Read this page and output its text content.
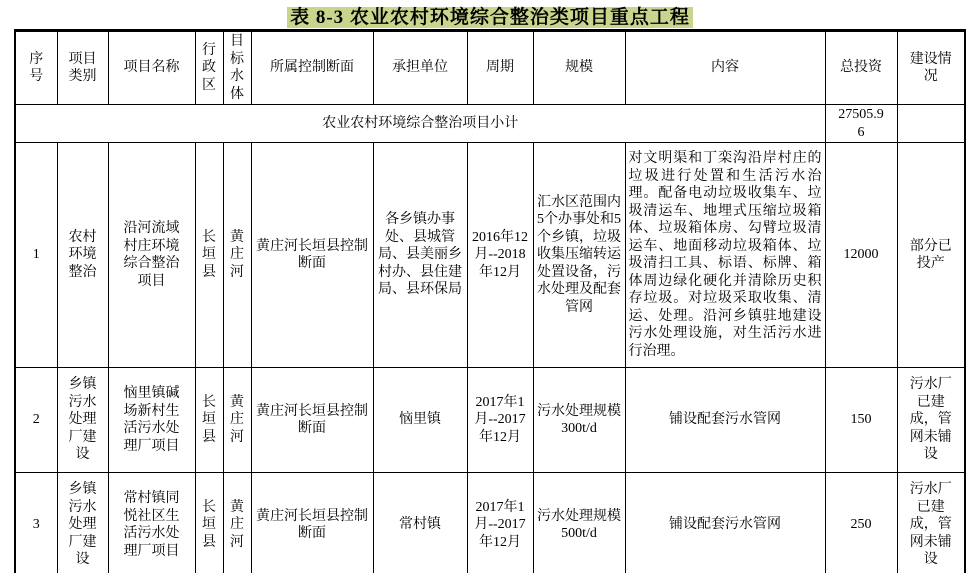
表 8-3 农业农村环境综合整治类项目重点工程
序号	项目类别	项目名称	行政区	目标水体	所属控制断面	承担单位	周期	规模	内容	总投资	建设情况
农业农村环境综合整治项目小计										27505.96	
1	农村环境整治	沿河流域村庄环境综合整治项目	长垣县	黄庄河	黄庄河长垣县控制断面	各乡镇办事处、县城管局、县美丽乡村办、县住建局、县环保局	2016年12月--2018年12月	汇水区范围内5个办事处和5个乡镇，垃圾收集压缩转运处置设备，污水处理及配套管网	对文明渠和丁栾沟沿岸村庄的垃圾进行处置和生活污水治理。配备电动垃圾收集车、垃圾清运车、地埋式压缩垃圾箱体、垃圾箱体房、勾臂垃圾清运车、地面移动垃圾箱体、垃圾清扫工具、标语、标牌、箱体周边绿化硬化并清除历史积存垃圾。对垃圾采取收集、清运、处理。沿河乡镇驻地建设污水处理设施，对生活污水进行治理。	12000	部分已投产
2	乡镇污水处理厂建设	恼里镇碱场新村生活污水处理厂项目	长垣县	黄庄河	黄庄河长垣县控制断面	恼里镇	2017年1月--2017年12月	污水处理规模300t/d	铺设配套污水管网	150	污水厂已建成，管网未铺设
3	乡镇污水处理厂建设	常村镇同悦社区生活污水处理厂项目	长垣县	黄庄河	黄庄河长垣县控制断面	常村镇	2017年1月--2017年12月	污水处理规模500t/d	铺设配套污水管网	250	污水厂已建成，管网未铺设
